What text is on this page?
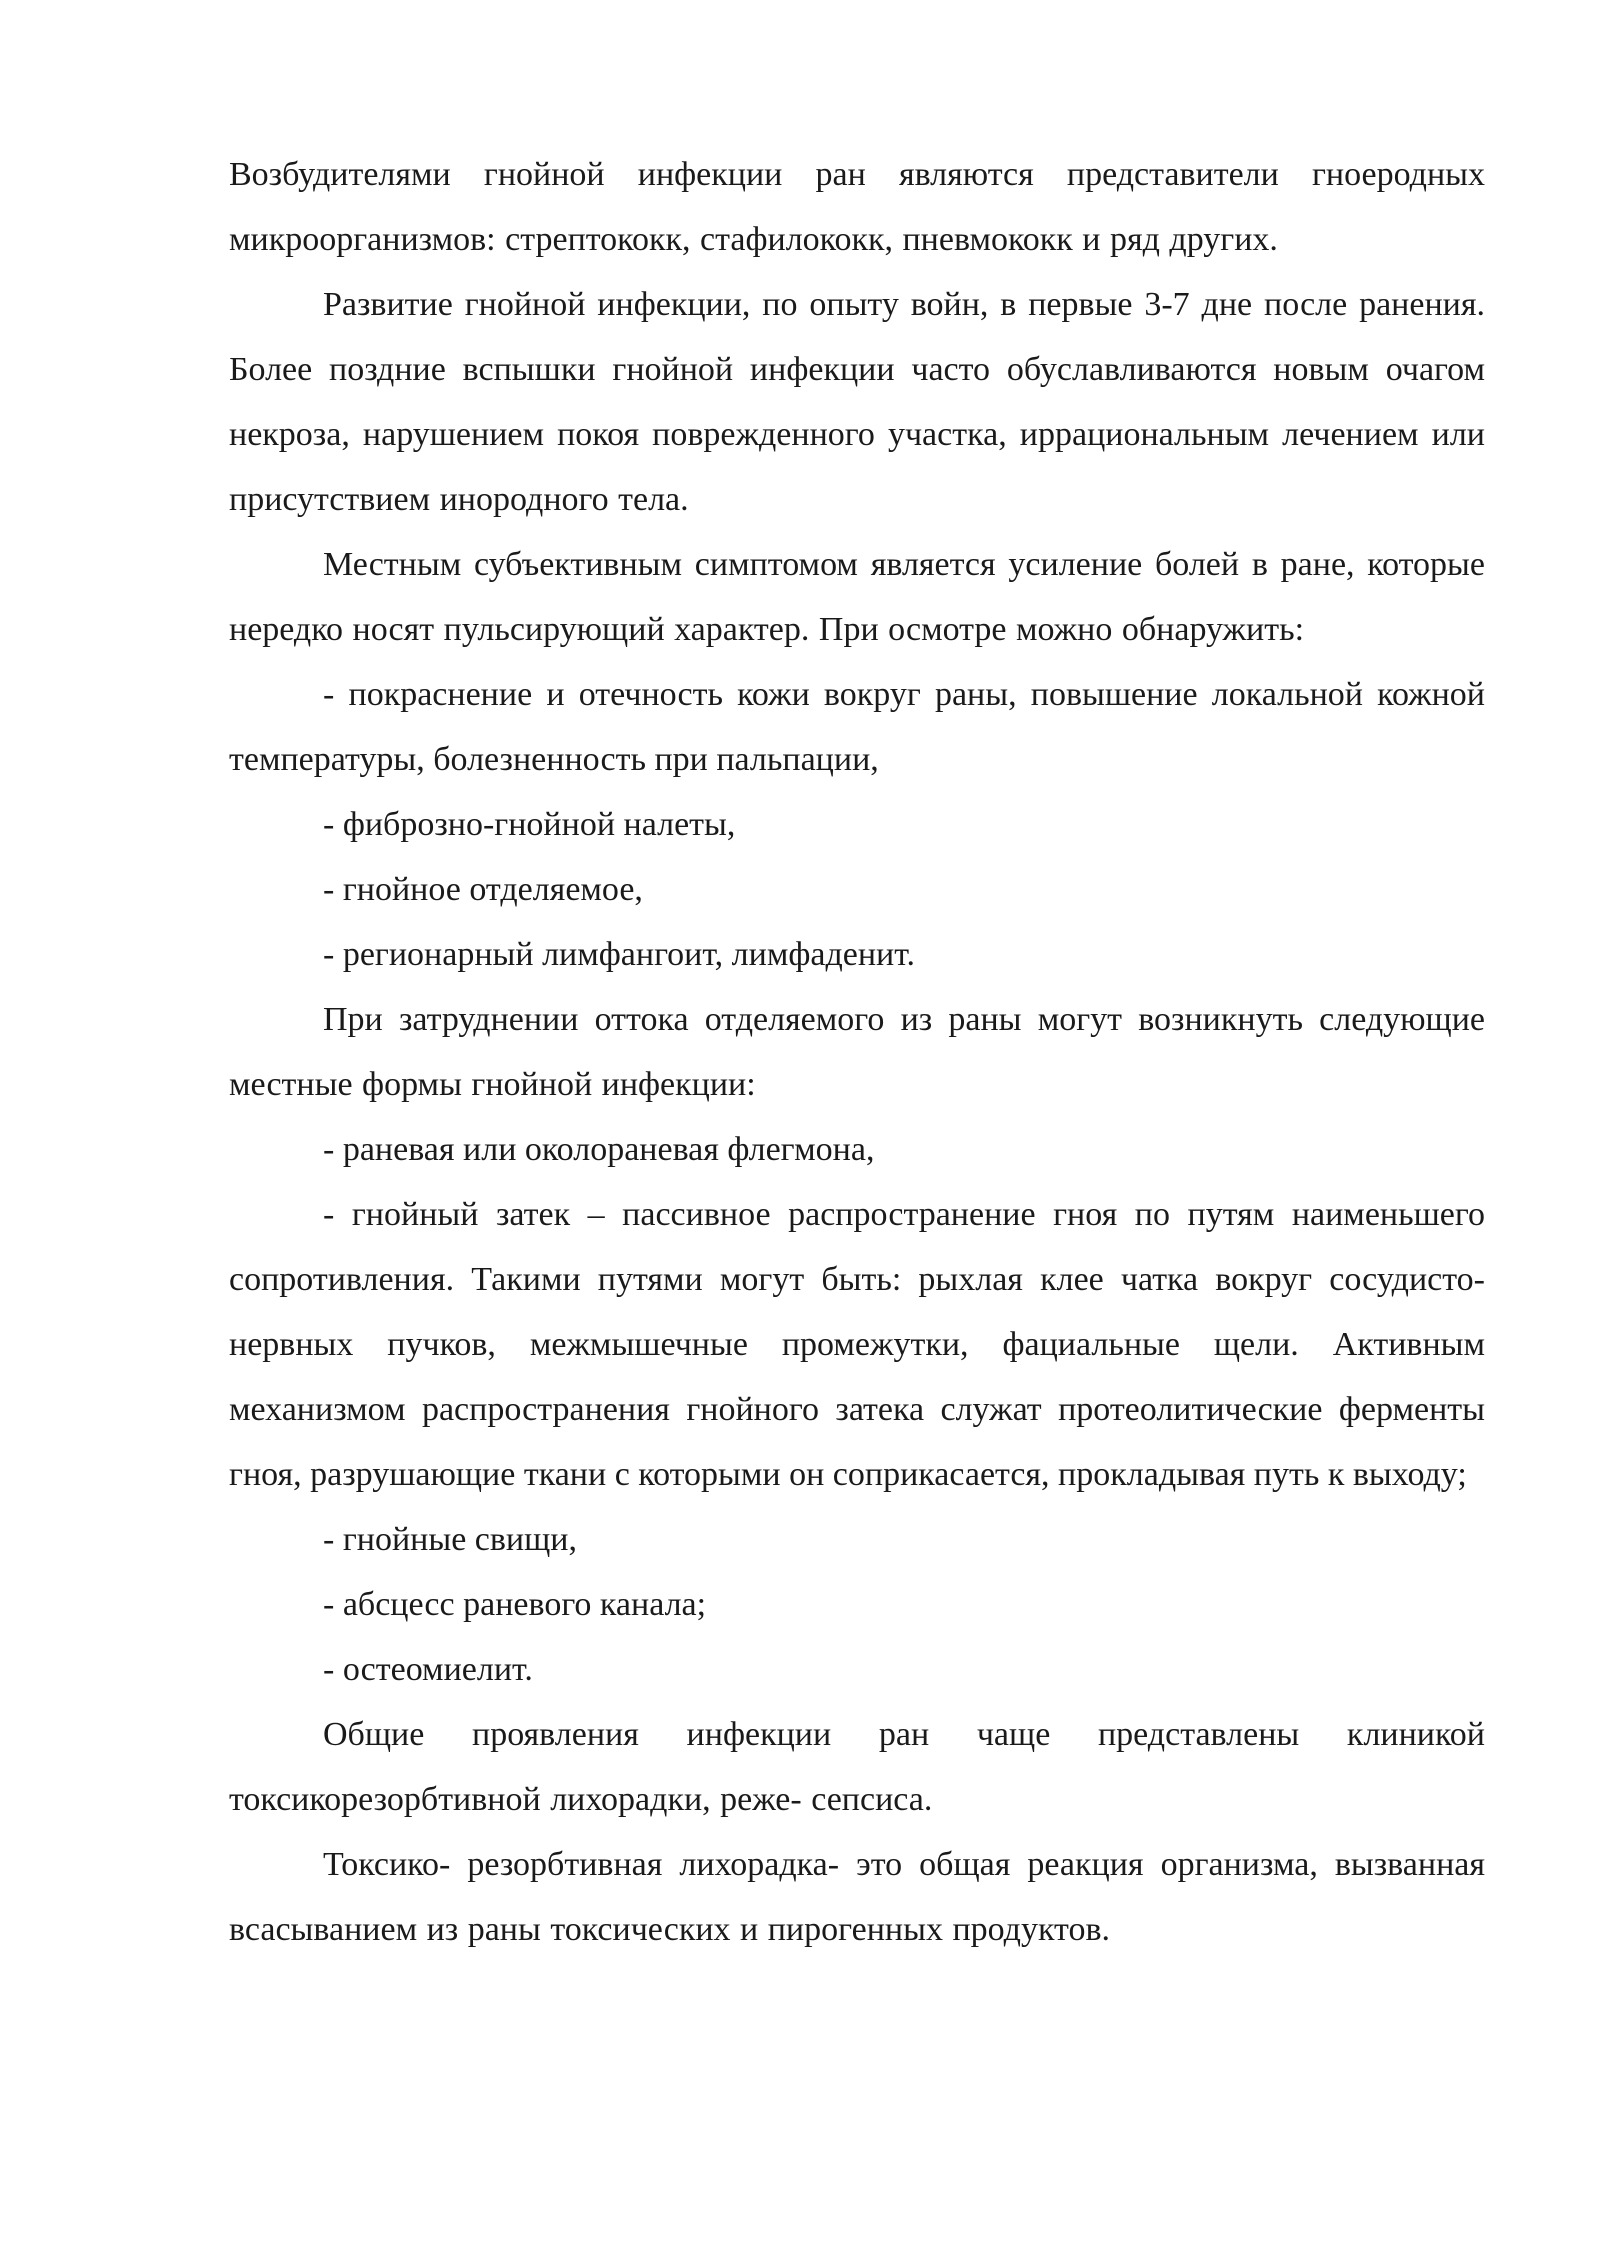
Возбудителями гнойной инфекции ран являются представители гноеродных микроорганизмов: стрептококк, стафилококк, пневмококк и ряд других.

Развитие гнойной инфекции, по опыту войн, в первые 3-7 дне после ранения. Более поздние вспышки гнойной инфекции часто обуславливаются новым очагом некроза, нарушением покоя поврежденного участка, иррациональным лечением или присутствием инородного тела.

Местным субъективным симптомом является усиление болей в ране, которые нередко носят пульсирующий характер. При осмотре можно обнаружить:

- покраснение и отечность кожи вокруг раны, повышение локальной кожной температуры, болезненность при пальпации,

- фиброзно-гнойной налеты,

- гнойное отделяемое,

- регионарный лимфангоит, лимфаденит.

При затруднении оттока отделяемого из раны могут возникнуть следующие местные формы гнойной инфекции:

- раневая или околораневая флегмона,

- гнойный затек – пассивное распространение гноя по путям наименьшего сопротивления. Такими путями могут быть: рыхлая клее чатка вокруг сосудисто-нервных пучков, межмышечные промежутки, фациальные щели. Активным механизмом распространения гнойного затека служат протеолитические ферменты гноя, разрушающие ткани с которыми он соприкасается, прокладывая путь к выходу;

- гнойные свищи,

- абсцесс раневого канала;

- остеомиелит.

Общие проявления инфекции ран чаще представлены клиникой токсикорезорбтивной лихорадки, реже- сепсиса.

Токсико- резорбтивная лихорадка- это общая реакция организма, вызванная всасыванием из раны токсических и пирогенных продуктов.
